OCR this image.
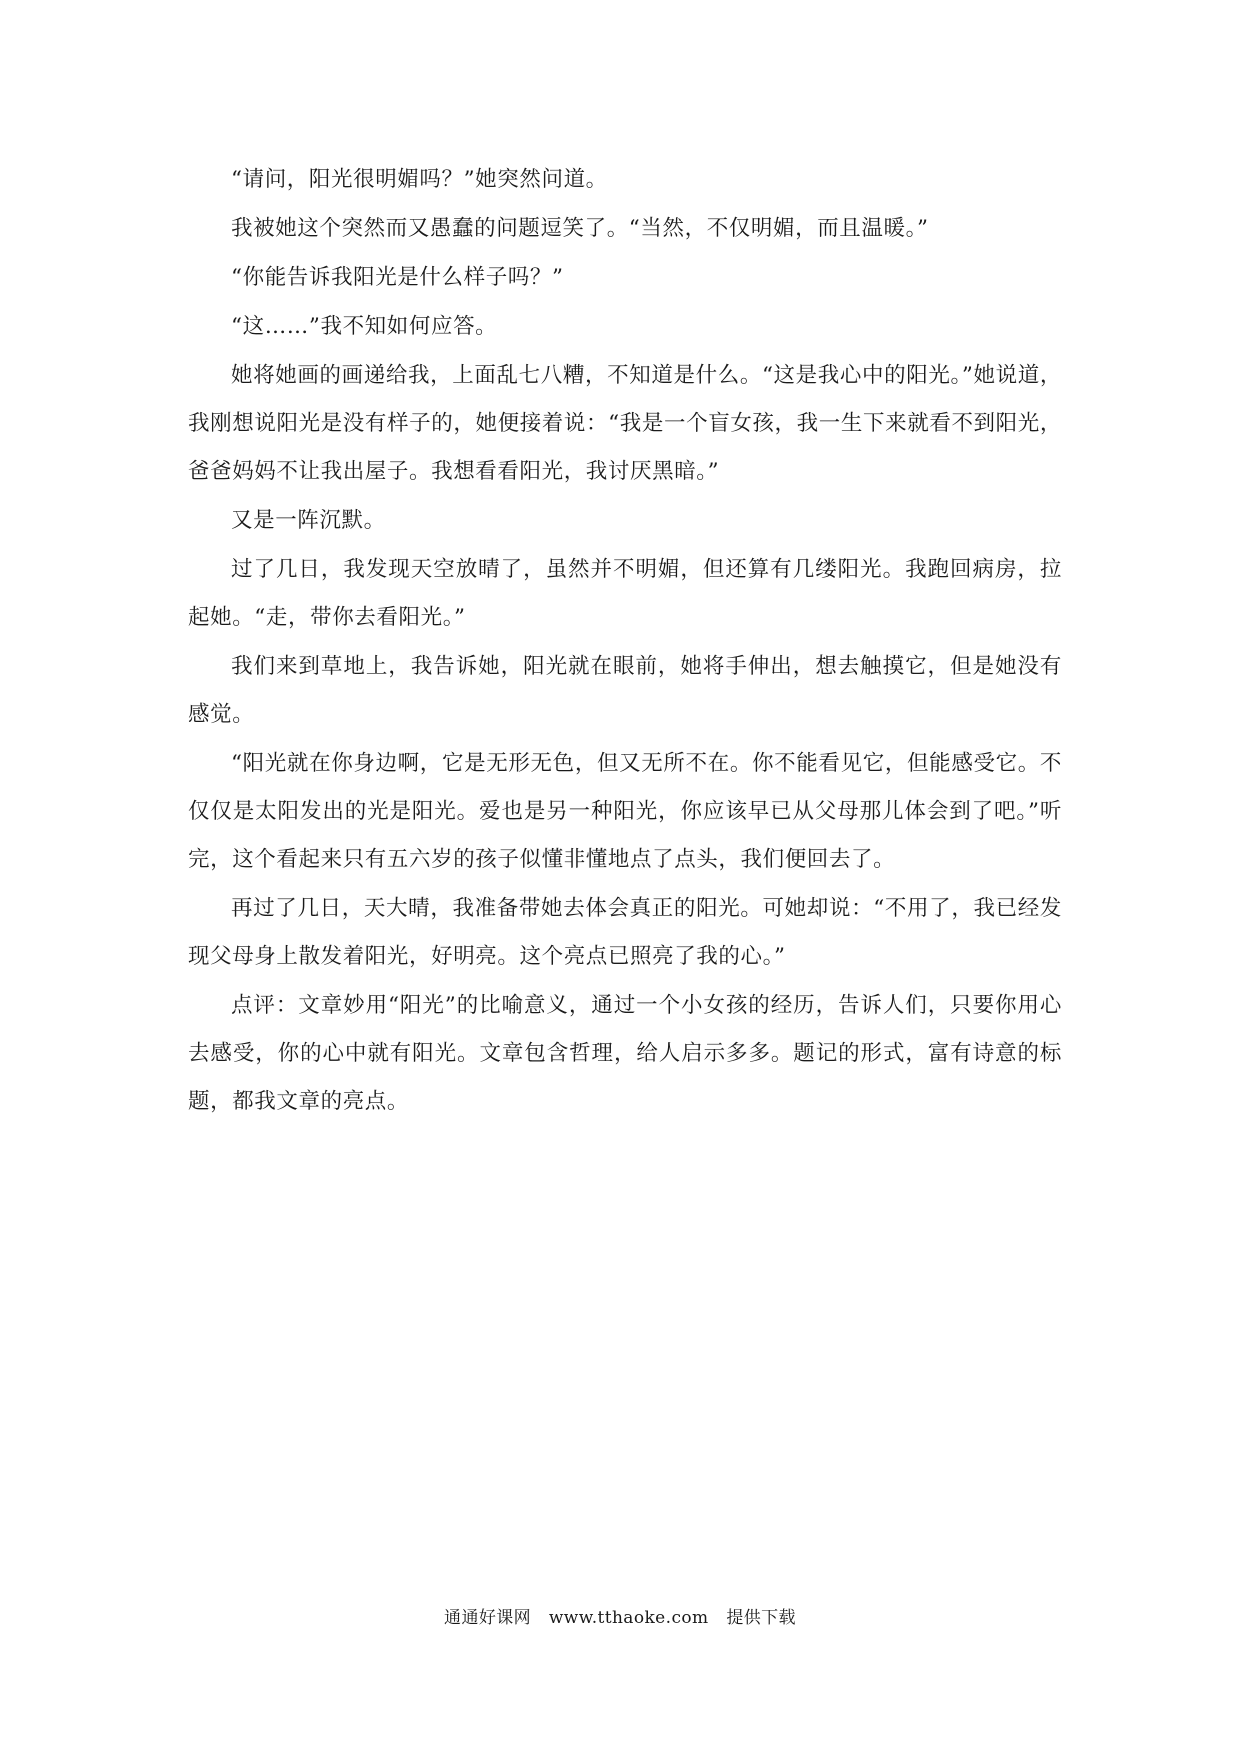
“请问，阳光很明媚吗？”她突然问道。

我被她这个突然而又愚蠢的问题逗笑了。“当然，不仅明媚，而且温暖。”

“你能告诉我阳光是什么样子吗？”

“这……”我不知如何应答。

她将她画的画递给我，上面乱七八糟，不知道是什么。“这是我心中的阳光。”她说道，我刚想说阳光是没有样子的，她便接着说：“我是一个盲女孩，我一生下来就看不到阳光，爸爸妈妈不让我出屋子。我想看看阳光，我讨厌黑暗。”

又是一阵沉默。

过了几日，我发现天空放晴了，虽然并不明媚，但还算有几缕阳光。我跑回病房，拉起她。“走，带你去看阳光。”

我们来到草地上，我告诉她，阳光就在眼前，她将手伸出，想去触摸它，但是她没有感觉。

“阳光就在你身边啊，它是无形无色，但又无所不在。你不能看见它，但能感受它。不仅仅是太阳发出的光是阳光。爱也是另一种阳光，你应该早已从父母那儿体会到了吧。”听完，这个看起来只有五六岁的孩子似懂非懂地点了点头，我们便回去了。

再过了几日，天大晴，我准备带她去体会真正的阳光。可她却说：“不用了，我已经发现父母身上散发着阳光，好明亮。这个亮点已照亮了我的心。”

点评：文章妙用“阳光”的比喻意义，通过一个小女孩的经历，告诉人们，只要你用心去感受，你的心中就有阳光。文章包含哲理，给人启示多多。题记的形式，富有诗意的标题，都我文章的亮点。

通通好课网 www.tthaoke.com 提供下载
